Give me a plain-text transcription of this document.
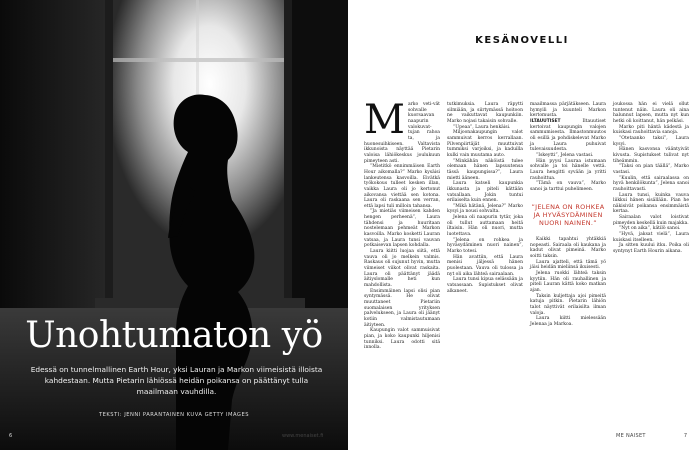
Unohtumaton yö
Edessä on tunnelmallinen Earth Hour, yksi Lauran ja Markon viimeisistä illoista kahdestaan. Mutta Pietarin lähiössä heidän poikansa on päättänyt tulla maailmaan vauhdilla.
TEKSTI: JENNI PARANTAINEN KUVA GETTY IMAGES
6
KESÄNOVELLI
M arko veti-vät sohvalle kuorsaavan naapurin valokuvat-tujan rahoa ta, ja huonesuihkiseen. Valtavista ikkunoista näyttää Pietarin valoisa lähiökeskus joulukuun pimeyteen asti.

”Mietitkö ennimmäisen Earth Hour aikomalla?” Marko kysäisi lankeutensa kasvoilla. Eivätkä työkokous tulleet kesken illan, vaikka Laura oli jo kertonut aikovansa viettää sen kotona. Laura oli raskaana sen verran, että lapsi tuli milloin tahansa.

”Ja mietiäs viimeisen kahden hengen perheenä”, Laura tähdensi ja huuritaan nostelemaan pehmeät Markon kasvoilla. Marko kosketti Lauran vatsaa, ja Laura tunsi vauvan potkaisevan lapsen kohdalla.

Laura kiitti luojaa siitä, että vauva oli jo melkein valmis. Raskaus oli sujunut hyvin, mutta viimeiset viikot olivat raskaita. Laura oli päättänyt jäädä äitiyslomalle heti kun mahdollista.

Ensimmäinen lapsi olisi pian syntymässä. He olivat muuttaneet Pietariin suomalaisen yrityksen palvelukseen, ja Laura oli jäänyt kotiin valmistautumaan äitiyteen.

Kaupungin valot sammuisivat pian, ja koko kaupunki hiljenisi tunniksi. Laura odotti sitä innolla.

tutkimuksia. Laura räpytti silmiään, ja siirtymässä hoitoon ne vaikuttavat kaupunkiin. Marko nojasi takaisin sohvalle.

”Upeaa”, Laura henkäisi.

Miljoonakaupungin valot sammuivat kerros kerrallaan. Pilvenpiirtäjät muuttuivat tummiksi varjoiksi, ja kaduilla kulki vain muutama auto.

”Minkähän näköistä tulee olemaan hänen lapsuutensa tässä kaupungissa?”, Laura mietti ääneen.

Laura katseli kaupunkia ikkunasta ja piteli kättään vatsallaan. Jokin tuntui erilaiselta kuin ennen.

”Mikä hätänä, Jelena?” Marko kysyi ja nousi sohvalta.

Jelena oli naapurin tytär, joka oli tullut auttamaan heitä iltaisin. Hän oli nuori, mutta luotettava.

”Jelena on rohkea ja hyväsydäminen nuori nainen”, Marko totesi.

Hän avattiin, että Laura menisi jäljessä hänen puolestaan. Vauva oli tulossa ja nyt oli aika lähteä sairaalaan.

Laura tunsi kipua selässään ja vatsassaan. Supistukset olivat alkaneet.

maailmassa pärjätäkseen. Laura hymyili ja kuunteli Markon kertomusta.

ILTAUUTISET	Iltauutiset kertoivat kaupungin valojen sammumisesta. Ilmastonmuutos oli esillä ja pohdiskelevat Marko ja Laura puhuivat tulevaisuudesta.

”Iskeytti”, Jelena vastasi.

Hän pyysi Lauraa istumaan sohvalle ja toi hänelle vettä. Laura hengitti syvään ja yritti rauhoittua.

”Tämä on vauva”, Marko sanoi ja tarttui puhelimeen.

”JELENA ON ROHKEA JA HYVÄSYDÄMINEN NUORI NAINEN.”

Kaikki tapahtui yhtäkkiä nopeasti. Sairaala oli kaukana ja kadut olivat pimeinä. Marko soitti taksin.

Laura ajatteli, että tämä yö jäisi heidän mieliinsä ikuisesti.

Jelena ruokki lähteä taksin kyytiin. Hän oli rauhallinen ja piteli Lauran kättä koko matkan ajan.

Taksin kuljettaja ajoi pimeitä katuja pitkin. Pietarin lähiön talot näyttivät erilaisilta ilman valoja.

Laura kiitti mielessään Jelenaa ja Markoa.

joukossa hän ei vielä ollut tuntenut näin. Laura oli aina halunnut lapsen, mutta nyt kun hetki oli koittanut, hän pelkäsi.

Marko piti häntä kädestä ja kuiskasi rauhoittavia sanoja.

”Otetaanko taksi”, Laura kysyi.

Hänen kasvonsa vääntyivät kivusta. Supistukset tulivat nyt tiheämmin.

”Taksi on pian täällä”, Marko vastasi.

”Kuulin, että sairaalassa on hyvä henkilökunta”, Jelena sanoi rauhoittavasti.

Laura tunsi, kuinka vauva liikkui hänen sisällään. Pian he näkisivät poikansa ensimmäistä kertaa.

Sairaalan valot loistivat pimeyden keskellä kuin majakka.

”Nyt on aika”, kätilö sanoi.

”Hyvä, jaksat vielä”, Laura kuiskasi itselleen.

Ja sitten kuului itku. Poika oli syntynyt Earth Hourin aikana.

www.menaiset.fi	ME NAISET	7
